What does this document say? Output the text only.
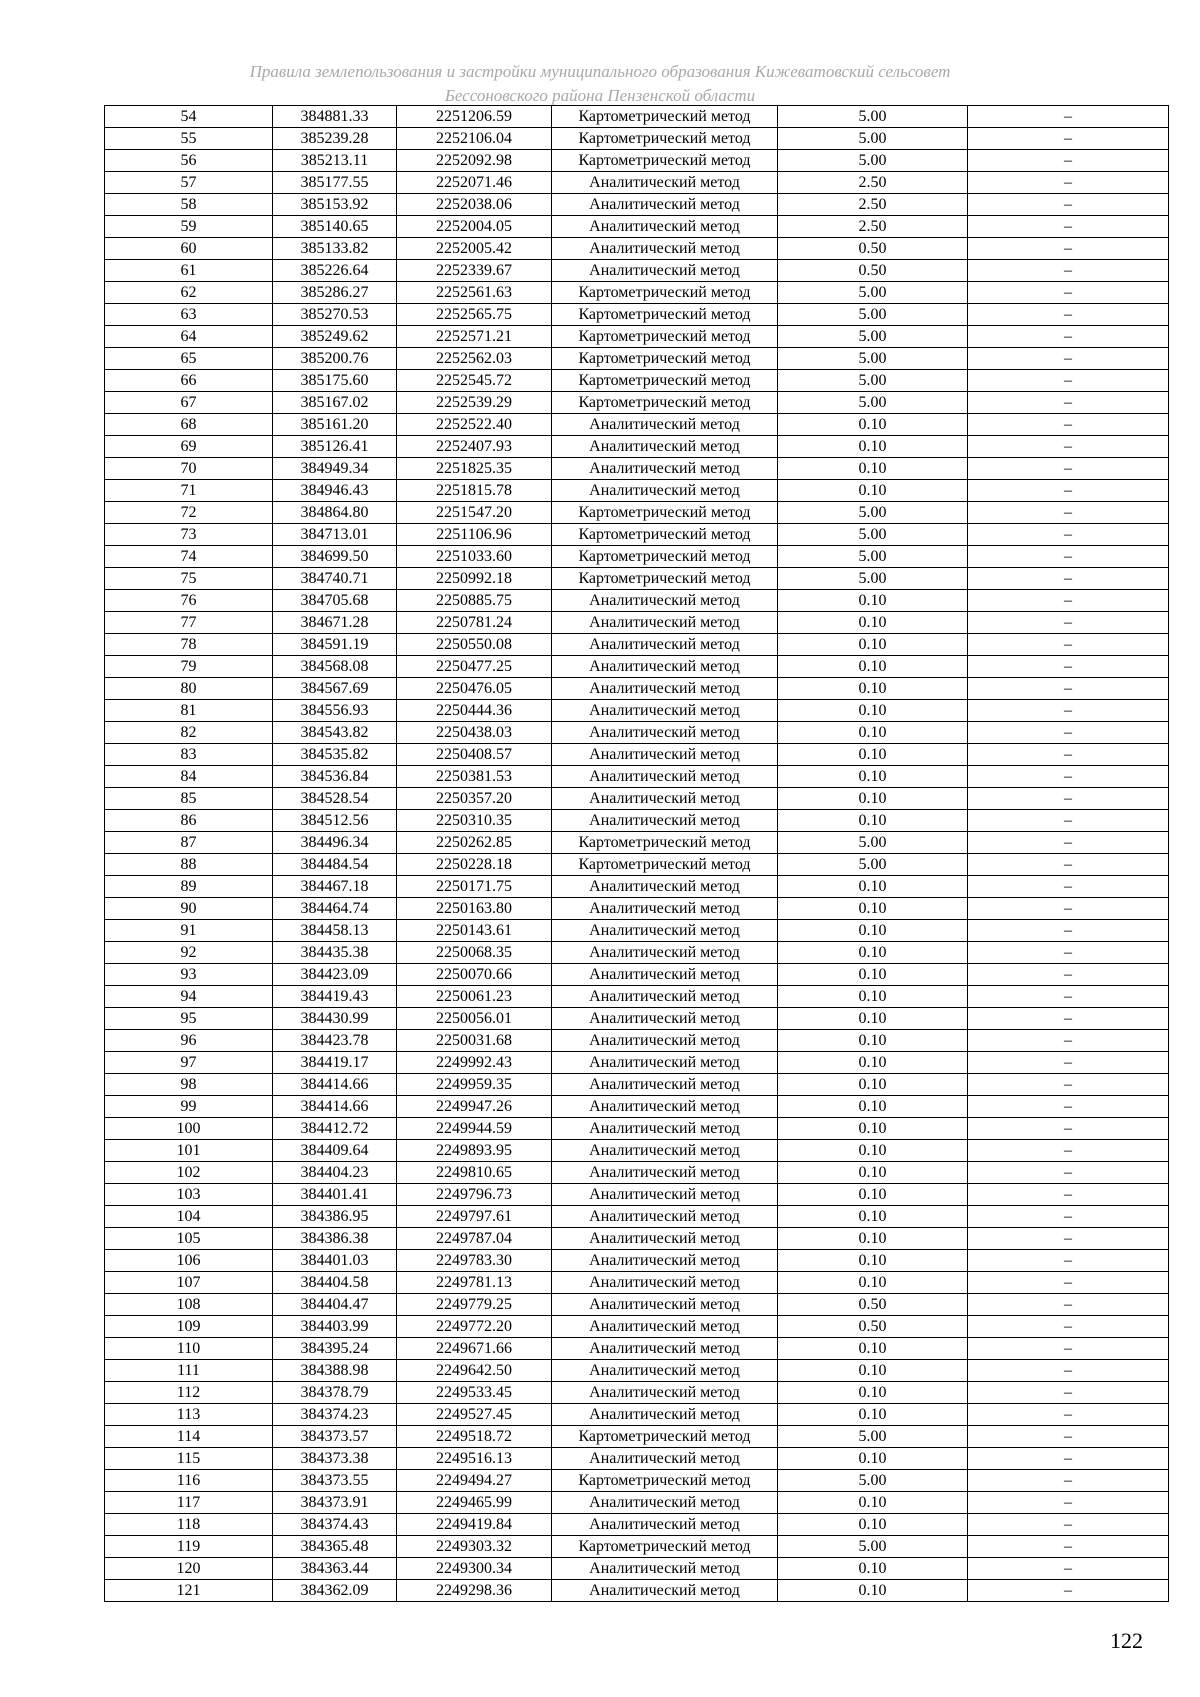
Правила землепользования и застройки муниципального образования Кижеватовский сельсовет
Бессоновского района Пензенской области
54	384881.33	2251206.59	Картометрический метод	5.00	–
55	385239.28	2252106.04	Картометрический метод	5.00	–
56	385213.11	2252092.98	Картометрический метод	5.00	–
57	385177.55	2252071.46	Аналитический метод	2.50	–
58	385153.92	2252038.06	Аналитический метод	2.50	–
59	385140.65	2252004.05	Аналитический метод	2.50	–
60	385133.82	2252005.42	Аналитический метод	0.50	–
61	385226.64	2252339.67	Аналитический метод	0.50	–
62	385286.27	2252561.63	Картометрический метод	5.00	–
63	385270.53	2252565.75	Картометрический метод	5.00	–
64	385249.62	2252571.21	Картометрический метод	5.00	–
65	385200.76	2252562.03	Картометрический метод	5.00	–
66	385175.60	2252545.72	Картометрический метод	5.00	–
67	385167.02	2252539.29	Картометрический метод	5.00	–
68	385161.20	2252522.40	Аналитический метод	0.10	–
69	385126.41	2252407.93	Аналитический метод	0.10	–
70	384949.34	2251825.35	Аналитический метод	0.10	–
71	384946.43	2251815.78	Аналитический метод	0.10	–
72	384864.80	2251547.20	Картометрический метод	5.00	–
73	384713.01	2251106.96	Картометрический метод	5.00	–
74	384699.50	2251033.60	Картометрический метод	5.00	–
75	384740.71	2250992.18	Картометрический метод	5.00	–
76	384705.68	2250885.75	Аналитический метод	0.10	–
77	384671.28	2250781.24	Аналитический метод	0.10	–
78	384591.19	2250550.08	Аналитический метод	0.10	–
79	384568.08	2250477.25	Аналитический метод	0.10	–
80	384567.69	2250476.05	Аналитический метод	0.10	–
81	384556.93	2250444.36	Аналитический метод	0.10	–
82	384543.82	2250438.03	Аналитический метод	0.10	–
83	384535.82	2250408.57	Аналитический метод	0.10	–
84	384536.84	2250381.53	Аналитический метод	0.10	–
85	384528.54	2250357.20	Аналитический метод	0.10	–
86	384512.56	2250310.35	Аналитический метод	0.10	–
87	384496.34	2250262.85	Картометрический метод	5.00	–
88	384484.54	2250228.18	Картометрический метод	5.00	–
89	384467.18	2250171.75	Аналитический метод	0.10	–
90	384464.74	2250163.80	Аналитический метод	0.10	–
91	384458.13	2250143.61	Аналитический метод	0.10	–
92	384435.38	2250068.35	Аналитический метод	0.10	–
93	384423.09	2250070.66	Аналитический метод	0.10	–
94	384419.43	2250061.23	Аналитический метод	0.10	–
95	384430.99	2250056.01	Аналитический метод	0.10	–
96	384423.78	2250031.68	Аналитический метод	0.10	–
97	384419.17	2249992.43	Аналитический метод	0.10	–
98	384414.66	2249959.35	Аналитический метод	0.10	–
99	384414.66	2249947.26	Аналитический метод	0.10	–
100	384412.72	2249944.59	Аналитический метод	0.10	–
101	384409.64	2249893.95	Аналитический метод	0.10	–
102	384404.23	2249810.65	Аналитический метод	0.10	–
103	384401.41	2249796.73	Аналитический метод	0.10	–
104	384386.95	2249797.61	Аналитический метод	0.10	–
105	384386.38	2249787.04	Аналитический метод	0.10	–
106	384401.03	2249783.30	Аналитический метод	0.10	–
107	384404.58	2249781.13	Аналитический метод	0.10	–
108	384404.47	2249779.25	Аналитический метод	0.50	–
109	384403.99	2249772.20	Аналитический метод	0.50	–
110	384395.24	2249671.66	Аналитический метод	0.10	–
111	384388.98	2249642.50	Аналитический метод	0.10	–
112	384378.79	2249533.45	Аналитический метод	0.10	–
113	384374.23	2249527.45	Аналитический метод	0.10	–
114	384373.57	2249518.72	Картометрический метод	5.00	–
115	384373.38	2249516.13	Аналитический метод	0.10	–
116	384373.55	2249494.27	Картометрический метод	5.00	–
117	384373.91	2249465.99	Аналитический метод	0.10	–
118	384374.43	2249419.84	Аналитический метод	0.10	–
119	384365.48	2249303.32	Картометрический метод	5.00	–
120	384363.44	2249300.34	Аналитический метод	0.10	–
121	384362.09	2249298.36	Аналитический метод	0.10	–
122
